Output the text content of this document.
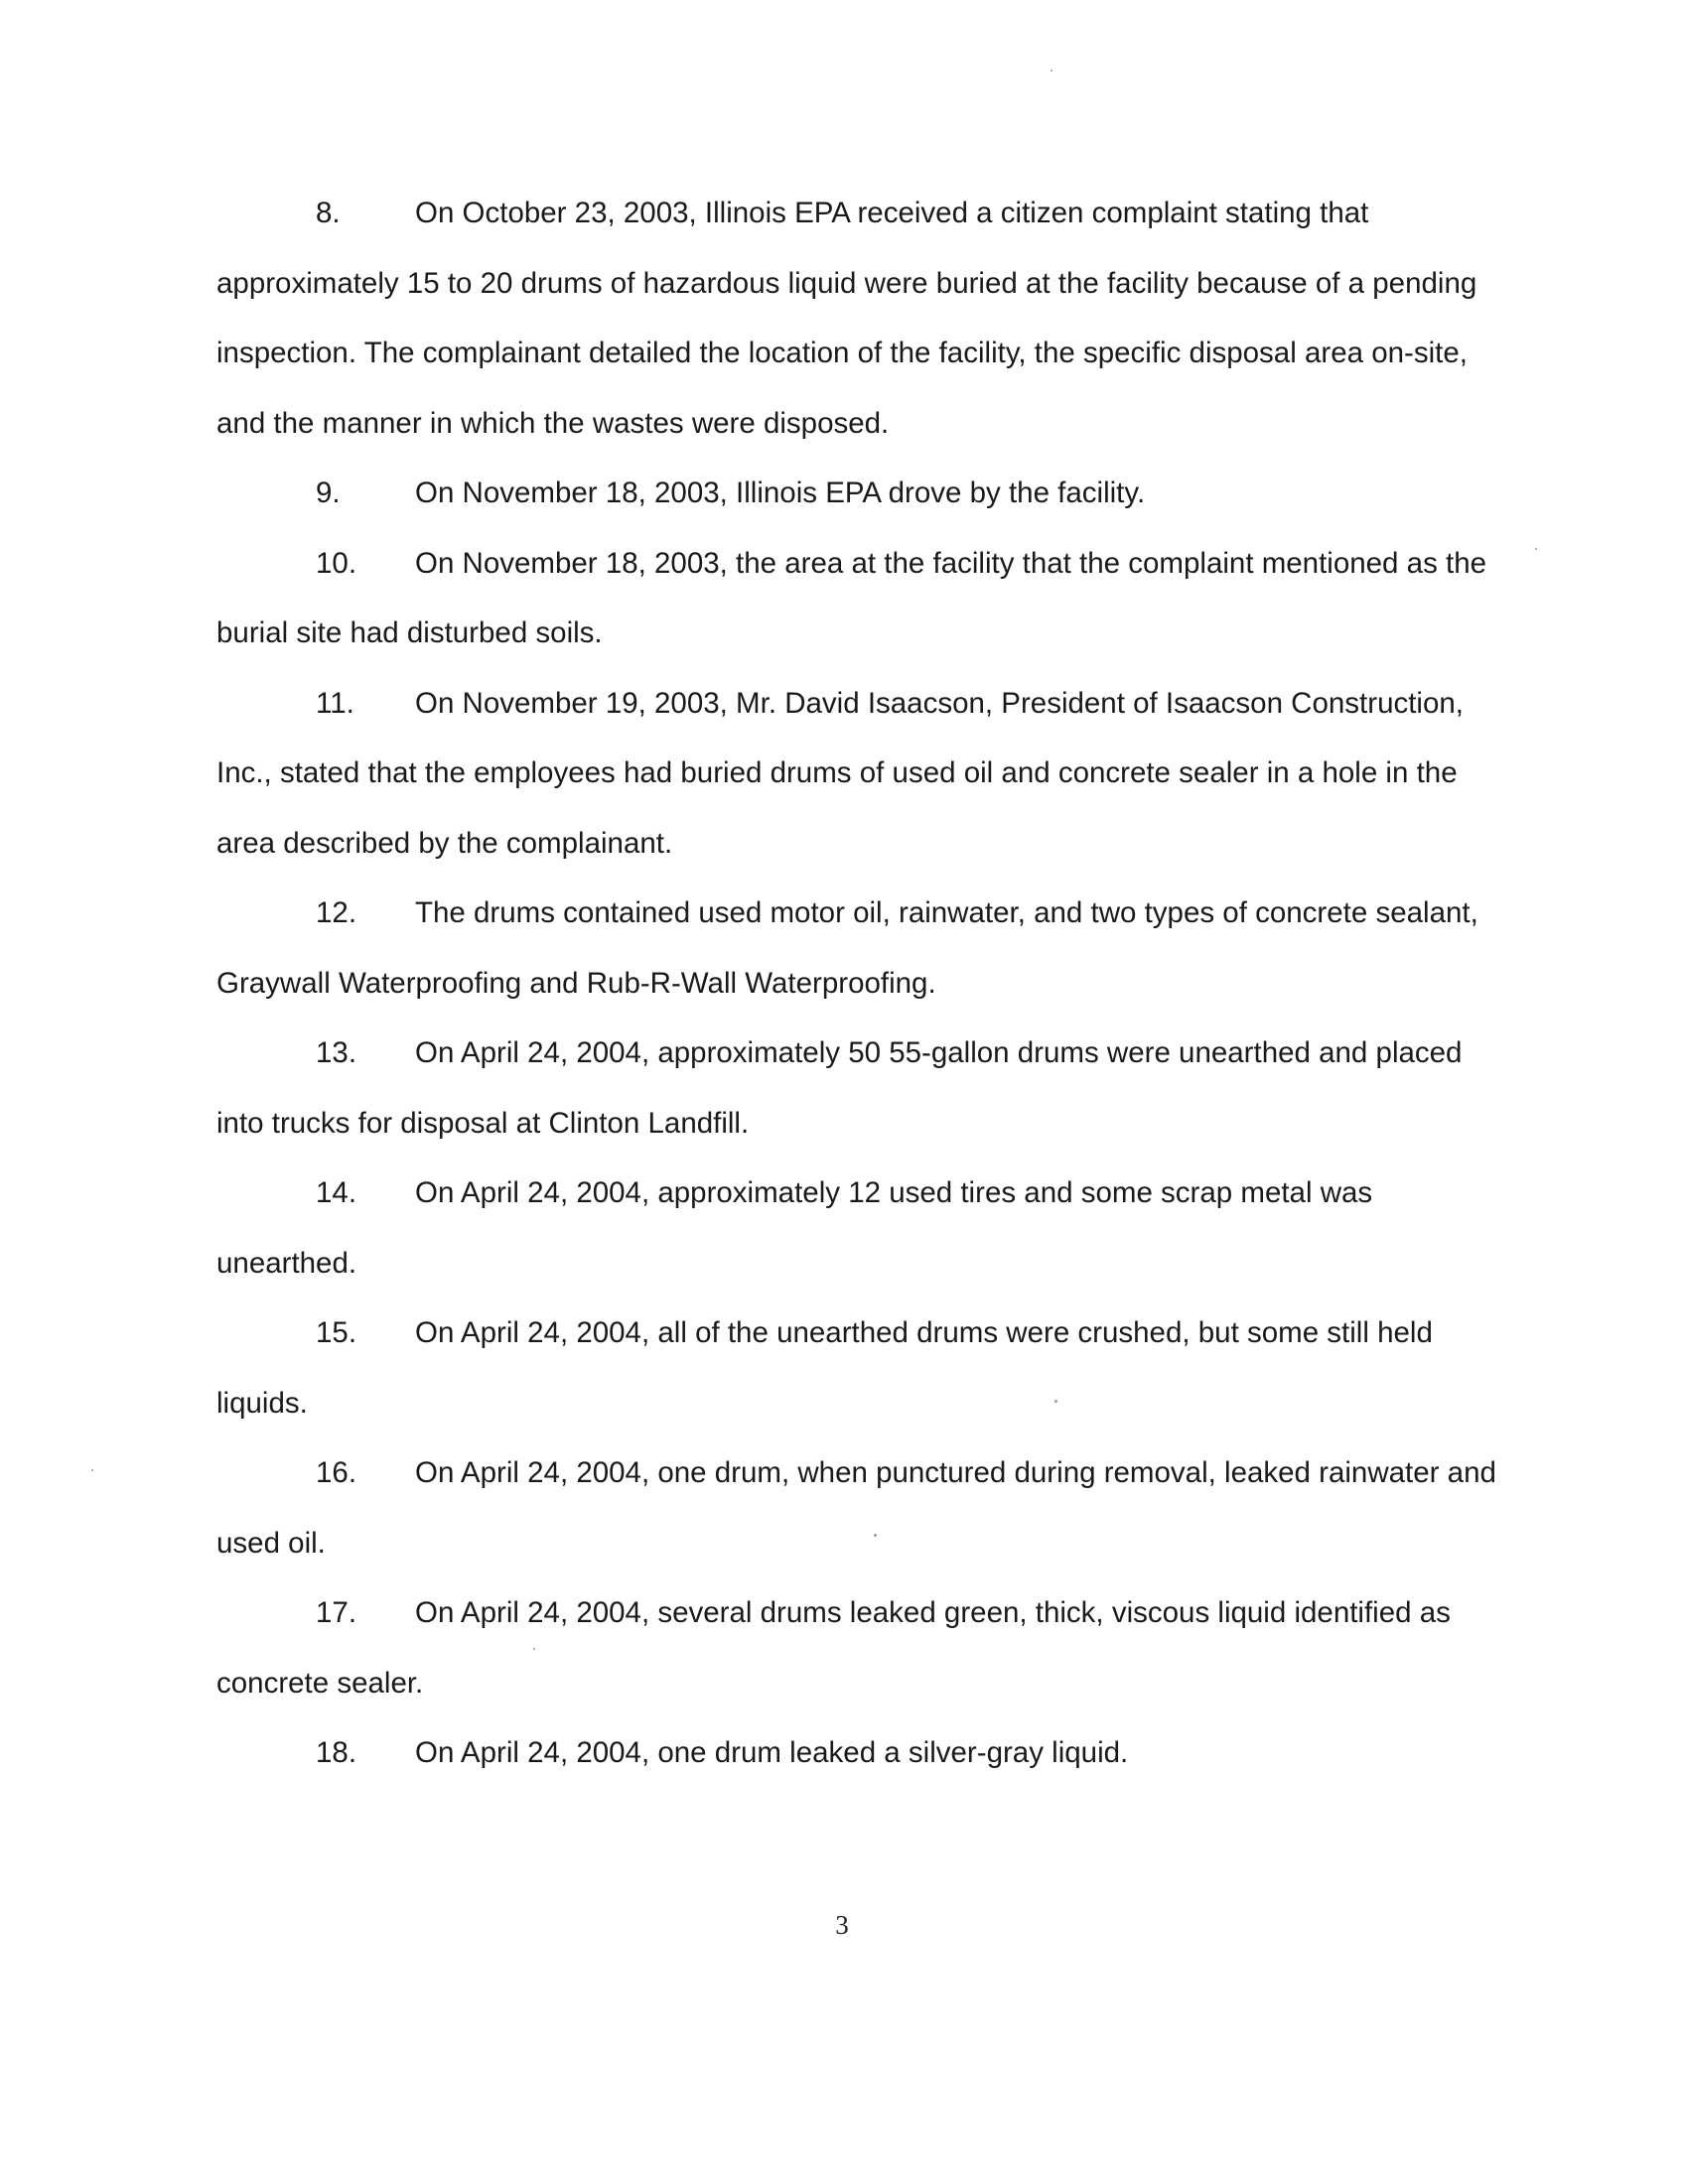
8.	On October 23, 2003, Illinois EPA received a citizen complaint stating that approximately 15 to 20 drums of hazardous liquid were buried at the facility because of a pending inspection. The complainant detailed the location of the facility, the specific disposal area on-site, and the manner in which the wastes were disposed.

9.	On November 18, 2003, Illinois EPA drove by the facility.

10. On November 18, 2003, the area at the facility that the complaint mentioned as the burial site had disturbed soils.

11. On November 19, 2003, Mr. David Isaacson, President of Isaacson Construction, Inc., stated that the employees had buried drums of used oil and concrete sealer in a hole in the area described by the complainant.

12. The drums contained used motor oil, rainwater, and two types of concrete sealant, Graywall Waterproofing and Rub-R-Wall Waterproofing.

13. On April 24, 2004, approximately 50 55-gallon drums were unearthed and placed into trucks for disposal at Clinton Landfill.

14. On April 24, 2004, approximately 12 used tires and some scrap metal was unearthed.

15. On April 24, 2004, all of the unearthed drums were crushed, but some still held liquids.

16. On April 24, 2004, one drum, when punctured during removal, leaked rainwater and used oil.

17. On April 24, 2004, several drums leaked green, thick, viscous liquid identified as concrete sealer.

18. On April 24, 2004, one drum leaked a silver-gray liquid.

3
